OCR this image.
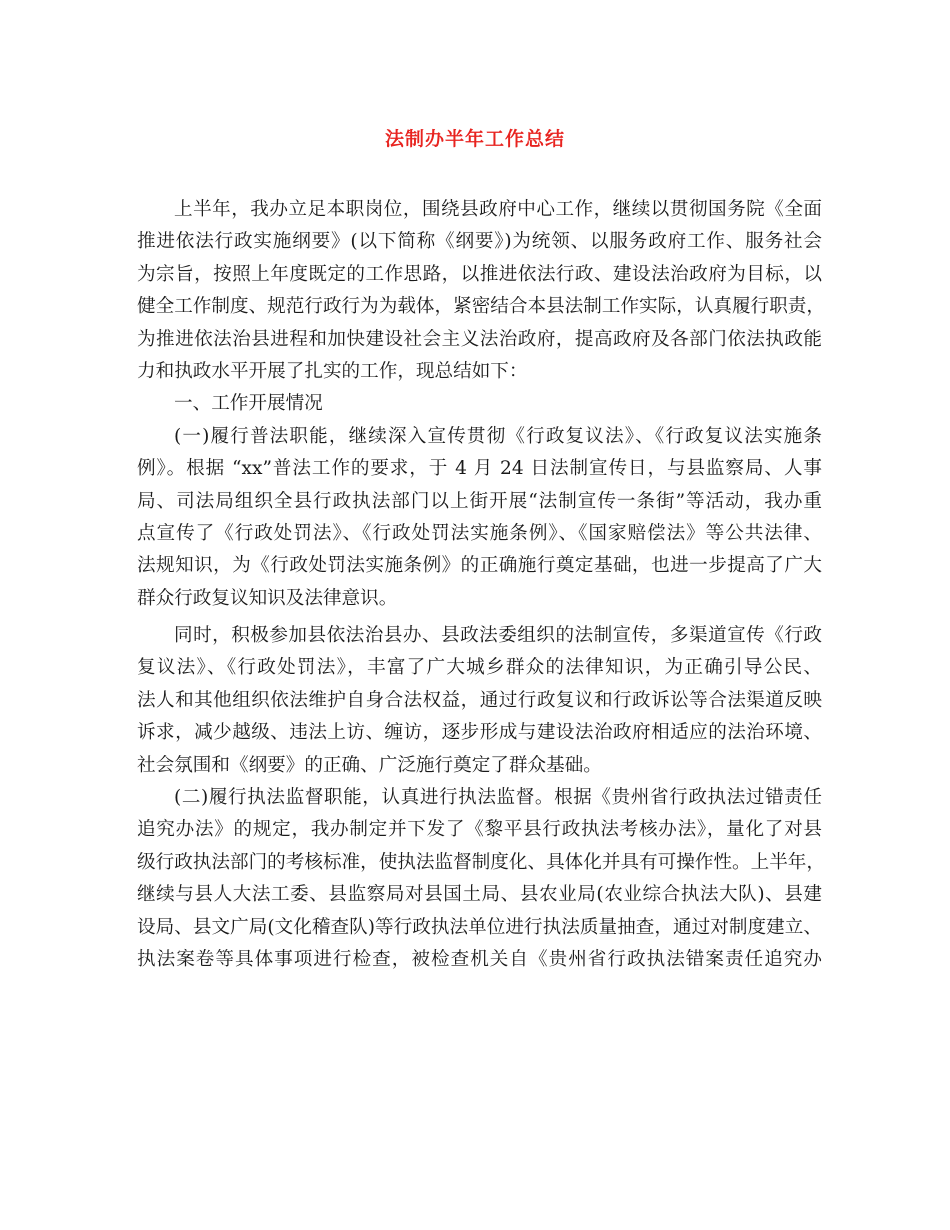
法制办半年工作总结
上半年，我办立足本职岗位，围绕县政府中心工作，继续以贯彻国务院《全面
推进依法行政实施纲要》(以下简称《纲要》)为统领、以服务政府工作、服务社会
为宗旨，按照上年度既定的工作思路，以推进依法行政、建设法治政府为目标，以
健全工作制度、规范行政行为为载体，紧密结合本县法制工作实际，认真履行职责，
为推进依法治县进程和加快建设社会主义法治政府，提高政府及各部门依法执政能
力和执政水平开展了扎实的工作，现总结如下：
一、工作开展情况
(一)履行普法职能，继续深入宣传贯彻《行政复议法》、《行政复议法实施条
例》。根据 “xx”普法工作的要求，于 4 月 24 日法制宣传日，与县监察局、人事
局、司法局组织全县行政执法部门以上街开展“法制宣传一条街”等活动，我办重
点宣传了《行政处罚法》、《行政处罚法实施条例》、《国家赔偿法》等公共法律、
法规知识，为《行政处罚法实施条例》的正确施行奠定基础，也进一步提高了广大
群众行政复议知识及法律意识。
同时，积极参加县依法治县办、县政法委组织的法制宣传，多渠道宣传《行政
复议法》、《行政处罚法》，丰富了广大城乡群众的法律知识，为正确引导公民、
法人和其他组织依法维护自身合法权益，通过行政复议和行政诉讼等合法渠道反映
诉求，减少越级、违法上访、缠访，逐步形成与建设法治政府相适应的法治环境、
社会氛围和《纲要》的正确、广泛施行奠定了群众基础。
(二)履行执法监督职能，认真进行执法监督。根据《贵州省行政执法过错责任
追究办法》的规定，我办制定并下发了《黎平县行政执法考核办法》，量化了对县
级行政执法部门的考核标准，使执法监督制度化、具体化并具有可操作性。上半年，
继续与县人大法工委、县监察局对县国土局、县农业局(农业综合执法大队)、县建
设局、县文广局(文化稽查队)等行政执法单位进行执法质量抽查，通过对制度建立、
执法案卷等具体事项进行检查，被检查机关自《贵州省行政执法错案责任追究办
